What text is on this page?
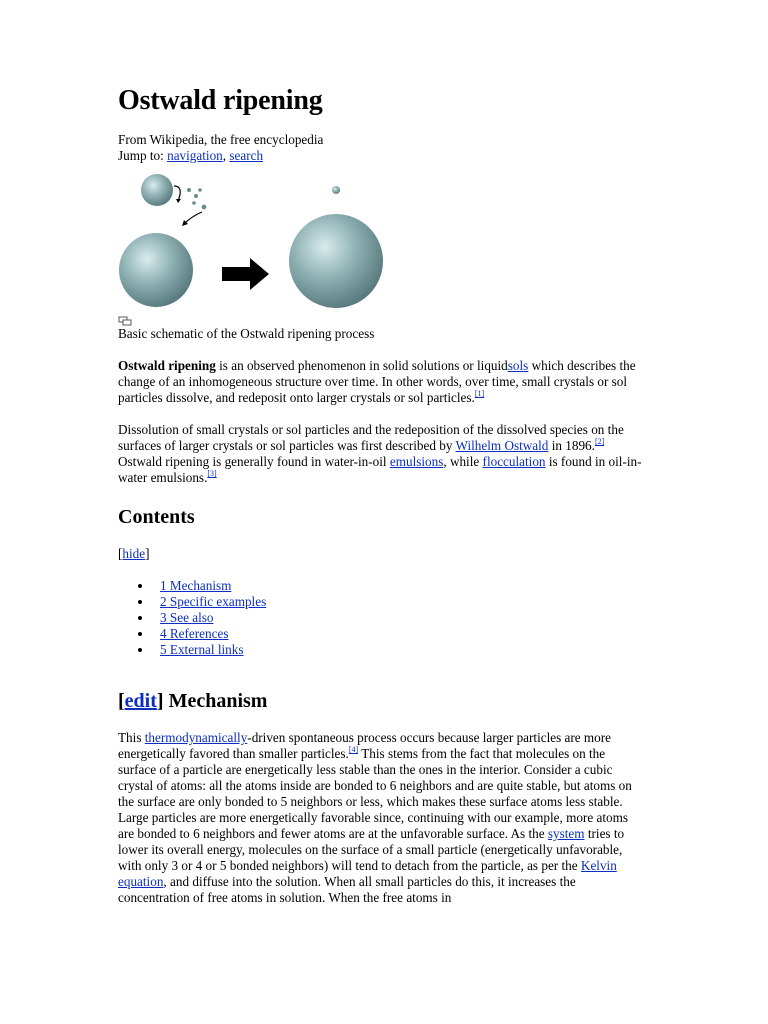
Ostwald ripening
From Wikipedia, the free encyclopedia
Jump to: navigation, search
Basic schematic of the Ostwald ripening process

Ostwald ripening is an observed phenomenon in solid solutions or liquidsols which describes the change of an inhomogeneous structure over time. In other words, over time, small crystals or sol particles dissolve, and redeposit onto larger crystals or sol particles.[1]

Dissolution of small crystals or sol particles and the redeposition of the dissolved species on the surfaces of larger crystals or sol particles was first described by Wilhelm Ostwald in 1896.[2] Ostwald ripening is generally found in water-in-oil emulsions, while flocculation is found in oil-in-water emulsions.[3]

Contents
[hide]
1 Mechanism
2 Specific examples
3 See also
4 References
5 External links
[edit] Mechanism

This thermodynamically-driven spontaneous process occurs because larger particles are more energetically favored than smaller particles.[4] This stems from the fact that molecules on the surface of a particle are energetically less stable than the ones in the interior. Consider a cubic crystal of atoms: all the atoms inside are bonded to 6 neighbors and are quite stable, but atoms on the surface are only bonded to 5 neighbors or less, which makes these surface atoms less stable. Large particles are more energetically favorable since, continuing with our example, more atoms are bonded to 6 neighbors and fewer atoms are at the unfavorable surface. As the system tries to lower its overall energy, molecules on the surface of a small particle (energetically unfavorable, with only 3 or 4 or 5 bonded neighbors) will tend to detach from the particle, as per the Kelvin equation, and diffuse into the solution. When all small particles do this, it increases the concentration of free atoms in solution. When the free atoms in
